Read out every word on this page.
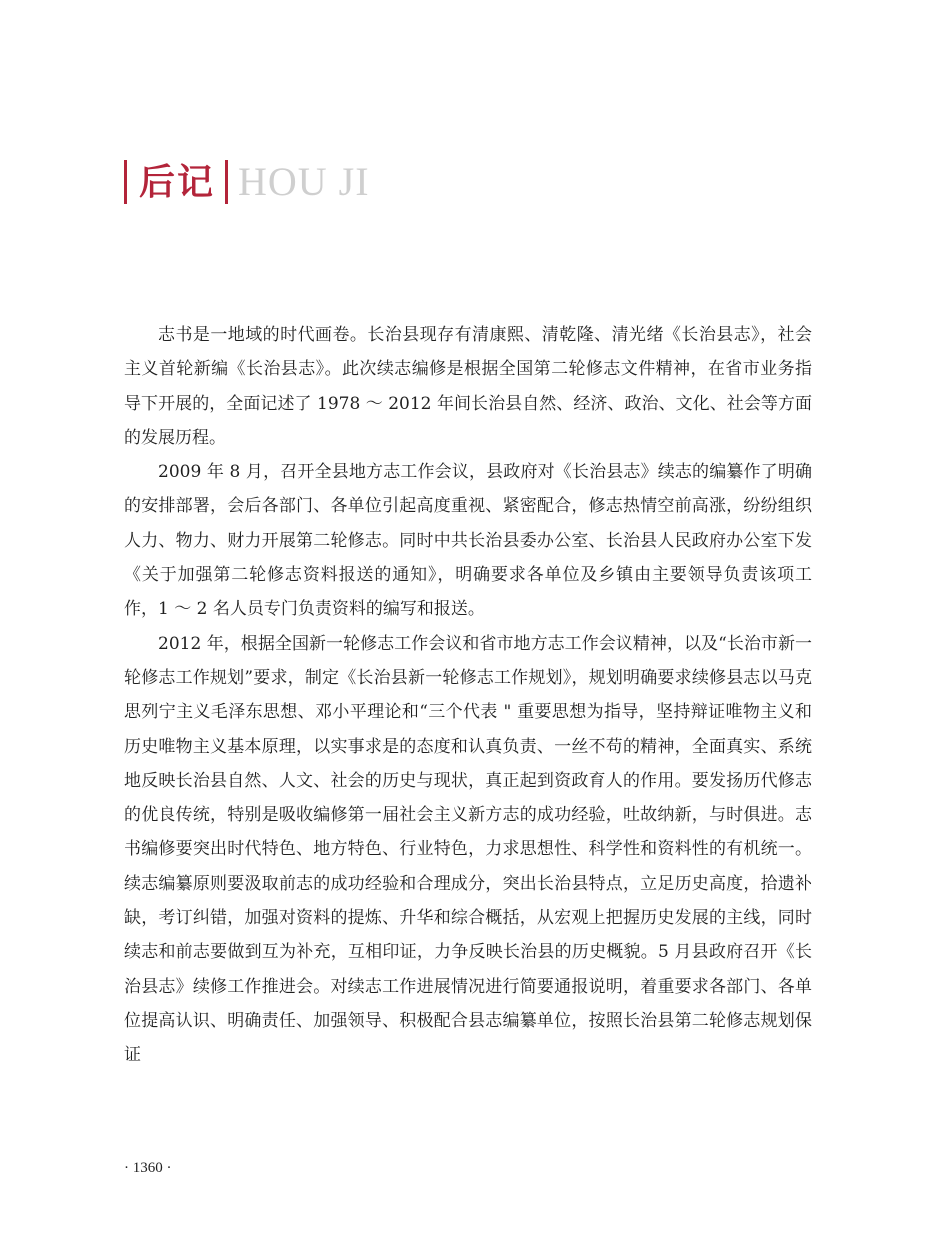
后记 HOU JI

志书是一地域的时代画卷。长治县现存有清康熙、清乾隆、清光绪《长治县志》，社会主义首轮新编《长治县志》。此次续志编修是根据全国第二轮修志文件精神，在省市业务指导下开展的，全面记述了 1978 ～ 2012 年间长治县自然、经济、政治、文化、社会等方面的发展历程。

2009 年 8 月，召开全县地方志工作会议，县政府对《长治县志》续志的编纂作了明确的安排部署，会后各部门、各单位引起高度重视、紧密配合，修志热情空前高涨，纷纷组织人力、物力、财力开展第二轮修志。同时中共长治县委办公室、长治县人民政府办公室下发《关于加强第二轮修志资料报送的通知》，明确要求各单位及乡镇由主要领导负责该项工作，1 ～ 2 名人员专门负责资料的编写和报送。

2012 年，根据全国新一轮修志工作会议和省市地方志工作会议精神，以及“长治市新一轮修志工作规划”要求，制定《长治县新一轮修志工作规划》，规划明确要求续修县志以马克思列宁主义毛泽东思想、邓小平理论和“三个代表 " 重要思想为指导，坚持辩证唯物主义和历史唯物主义基本原理，以实事求是的态度和认真负责、一丝不苟的精神，全面真实、系统地反映长治县自然、人文、社会的历史与现状，真正起到资政育人的作用。要发扬历代修志的优良传统，特别是吸收编修第一届社会主义新方志的成功经验，吐故纳新，与时俱进。志书编修要突出时代特色、地方特色、行业特色，力求思想性、科学性和资料性的有机统一。续志编纂原则要汲取前志的成功经验和合理成分，突出长治县特点，立足历史高度，拾遗补缺，考订纠错，加强对资料的提炼、升华和综合概括，从宏观上把握历史发展的主线，同时续志和前志要做到互为补充，互相印证，力争反映长治县的历史概貌。5 月县政府召开《长治县志》续修工作推进会。对续志工作进展情况进行简要通报说明，着重要求各部门、各单位提高认识、明确责任、加强领导、积极配合县志编纂单位，按照长治县第二轮修志规划保证

· 1360 ·
